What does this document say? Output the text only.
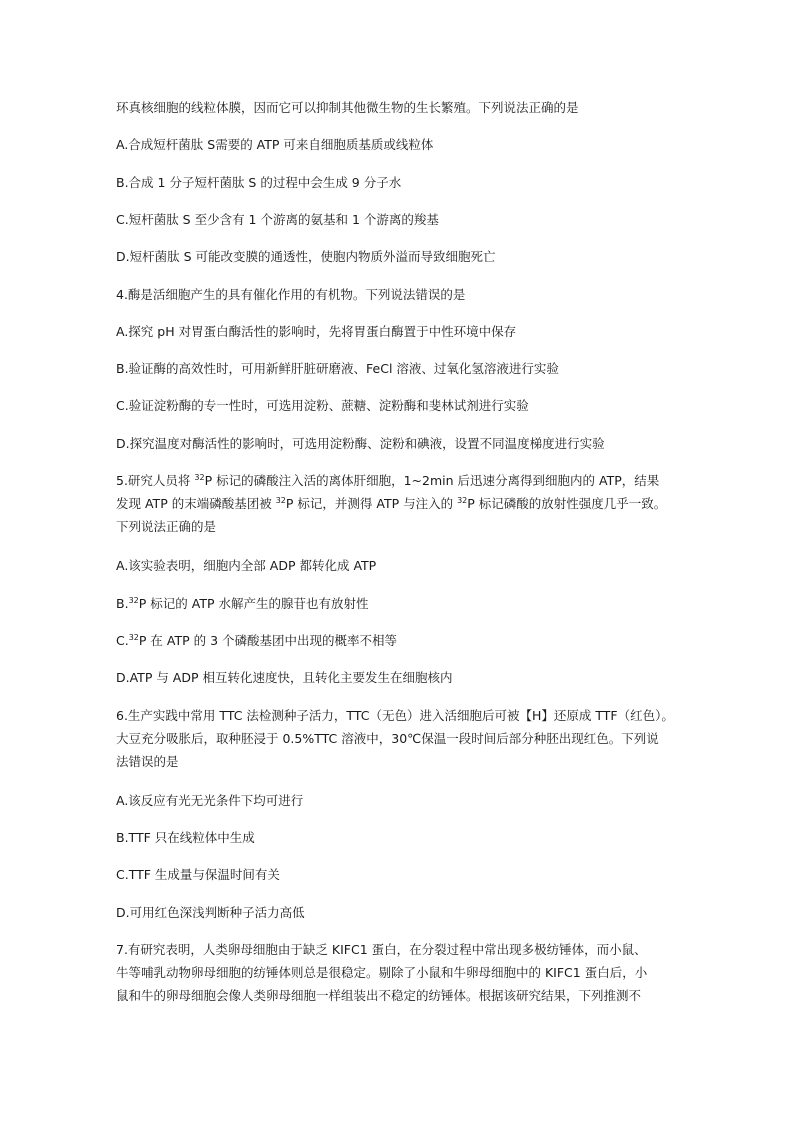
环真核细胞的线粒体膜，因而它可以抑制其他微生物的生长繁殖。下列说法正确的是

A.合成短杆菌肽 S需要的 ATP 可来自细胞质基质或线粒体

B.合成 1 分子短杆菌肽 S 的过程中会生成 9 分子水

C.短杆菌肽 S 至少含有 1 个游离的氨基和 1 个游离的羧基

D.短杆菌肽 S 可能改变膜的通透性，使胞内物质外溢而导致细胞死亡

4.酶是活细胞产生的具有催化作用的有机物。下列说法错误的是

A.探究 pH 对胃蛋白酶活性的影响时，先将胃蛋白酶置于中性环境中保存

B.验证酶的高效性时，可用新鲜肝脏研磨液、FeCl 溶液、过氧化氢溶液进行实验

C.验证淀粉酶的专一性时，可选用淀粉、蔗糖、淀粉酶和斐林试剂进行实验

D.探究温度对酶活性的影响时，可选用淀粉酶、淀粉和碘液，设置不同温度梯度进行实验

5.研究人员将 $^{32}$P 标记的磷酸注入活的离体肝细胞，1~2min 后迅速分离得到细胞内的 ATP，结果
发现 ATP 的末端磷酸基团被 $^{32}$P 标记，并测得 ATP 与注入的 $^{32}$P 标记磷酸的放射性强度几乎一致。
下列说法正确的是

A.该实验表明，细胞内全部 ADP 都转化成 ATP

B.$^{32}$P 标记的 ATP 水解产生的腺苷也有放射性

C.$^{32}$P 在 ATP 的 3 个磷酸基团中出现的概率不相等

D.ATP 与 ADP 相互转化速度快，且转化主要发生在细胞核内

6.生产实践中常用 TTC 法检测种子活力，TTC（无色）进入活细胞后可被【H】还原成 TTF（红色）。
大豆充分吸胀后，取种胚浸于 0.5%TTC 溶液中，30℃保温一段时间后部分种胚出现红色。下列说
法错误的是

A.该反应有光无光条件下均可进行

B.TTF 只在线粒体中生成

C.TTF 生成量与保温时间有关

D.可用红色深浅判断种子活力高低

7.有研究表明，人类卵母细胞由于缺乏 KIFC1 蛋白，在分裂过程中常出现多极纺锤体，而小鼠、
牛等哺乳动物卵母细胞的纺锤体则总是很稳定。剔除了小鼠和牛卵母细胞中的 KIFC1 蛋白后，小
鼠和牛的卵母细胞会像人类卵母细胞一样组装出不稳定的纺锤体。根据该研究结果，下列推测不
